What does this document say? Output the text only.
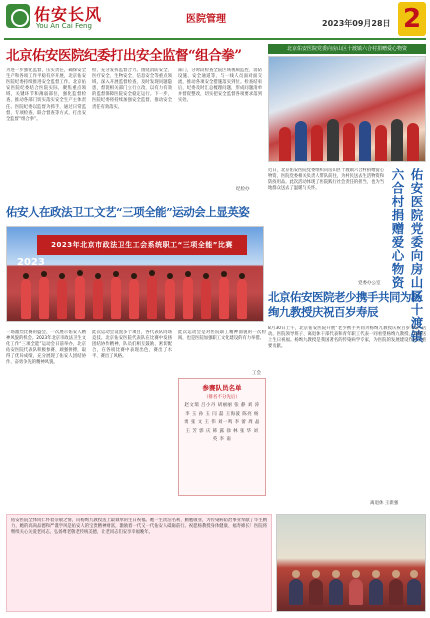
佑安长风
You An Cai Feng
医院管理	2023年09月28日 2
北京佑安医院纪委打出安全监督“组合拳”
为进一步强化监督，压实责任，确保安全生产和各项工作平稳有序开展，北京佑安医院纪委持续推进安全监督工作。北京佑安医院纪委结合医院实际，聚焦重点领域、关键环节和薄弱部位，强化监督检查，推动各部门切实落实安全生产主体责任。医院纪委以监督为抓手，通过日常监督、专项检查、联合督查等方式，打出安全监督“组合拳”。
检、充分发挥监督合力。围绕消防安全、医疗安全、生物安全、信息安全等重点领域，深入开展监督检查，及时发现问题隐患，督促相关部门立行立改，以有力有效的监督保障医院安全稳定运行。下一步，医院纪委将持续加强安全监督，推动安全责任有效落实。
部门，分时段检查全院区域视频监控、消防设施、安全通道等，与一线人员面对面交流，推动各项安全措施落实到位。检查结束后，纪委及时汇总梳理问题，形成问题清单并督促整改，切实把安全监督各项要求落到实处。
纪检办
佑安人在政法卫工文艺“三项全能”运动会上显英姿
2023年北京市政法卫生工会系统职工“三项全能”比赛
2023
一场激烈比赛的盛会，一次展示佑安人精神风貌的机会。2023年北京市政法卫生文化工作“三项全能”运动会日前举办，北京佑安医院代表队积极参赛、顽强拼搏，取得了优异成绩，充分展现了佑安人团结协作、奋勇争先的精神风貌。
此次运动会设置多个项目，各代表队同场竞技。北京佑安医院代表队在比赛中发扬团结协作精神，队员们相互鼓励、密切配合，在各项比赛中表现出色，赛出了水平、赛出了风格。
此次运动会是对医院职工精神面貌的一次检阅，也是医院加强职工文化建设的有力举措。
工会
参赛队员名单
（排名不分先后）
赵文瑞 吕小丹 胡丽丽 张 静 刘 涛 李 玉 孙 玉 闫 磊 王海波 陈亮 杨 勇 张 文 王 伟 刘一鸣 李 蕾 周 晶 王 芳 郭 庆 韩 露 徐 林 张 华 刘 英 李 南
北京佑安医院党委向房山区十渡镇六合村捐赠爱心物资
近日，北京佑安医院党委组织向房山区十渡镇六合村捐赠爱心物资，医院党委相关负责人带队前往，为村民送去生活物资和防疫用品。此次活动体现了医院践行社会责任的担当，也为当地群众送去了温暖与关怀。	佑安医院党委向房山区十渡镇六合村捐赠爱心物资
党委办公室
北京佑安医院老少携手共同为杨绚九教授庆祝百岁寿辰
8月30日上午，北京佑安医院开展“老少携手共同为杨绚九教授庆祝百岁寿辰”活动。医院领导班子、离退休干部代表和青年职工代表一同看望杨绚九教授，为她送上生日祝福。杨绚九教授是我国著名的传染病学专家，为医院的发展建设作出了重要贡献。
离退休 王新强
佑安医院全体同仁怀着崇敬之情，向杨绚九教授送上最诚挚的生日祝福。她一生淡泊名利、勤勉敬业，为传染病防治事业奉献了毕生精力，她的高尚品德和严谨学风是佑安人的宝贵精神财富，激励着一代又一代佑安人砥砺前行。祝愿杨教授身体健康、福寿绵长！医院将继续关心关爱老同志，弘扬尊老敬老传统美德，让老同志们安享幸福晚年。
